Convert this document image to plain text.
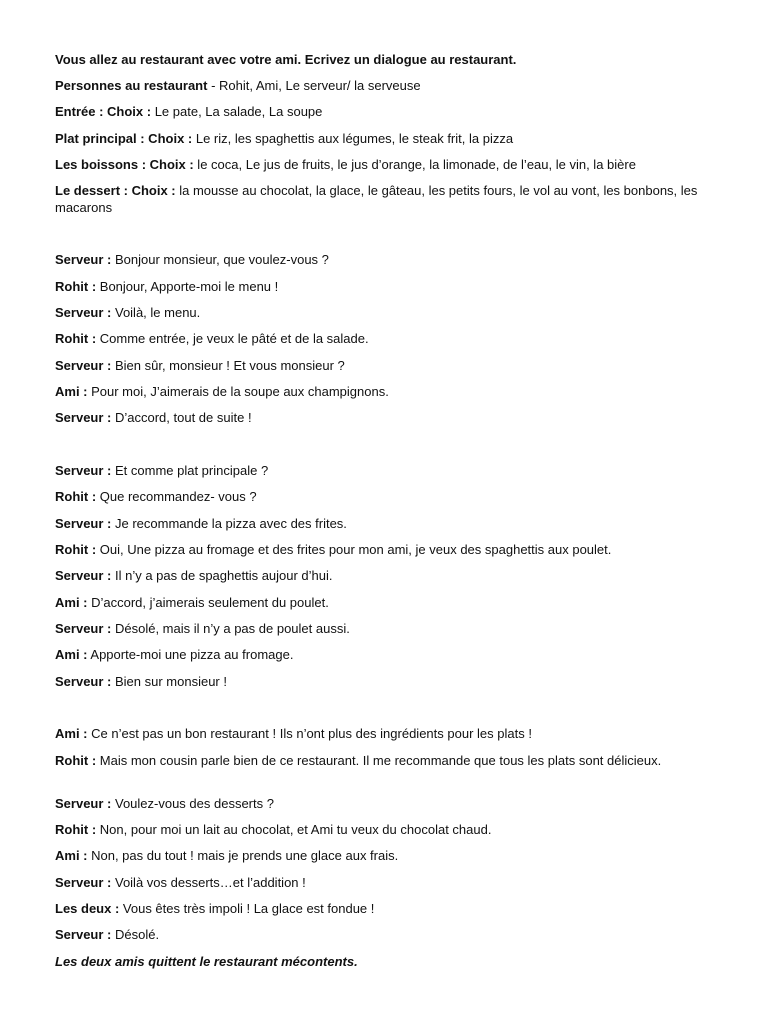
Vous allez au restaurant avec votre ami. Ecrivez un dialogue au restaurant.
Personnes au restaurant - Rohit, Ami, Le serveur/ la serveuse
Entrée : Choix : Le pate, La salade, La soupe
Plat principal : Choix : Le riz, les spaghettis aux légumes, le steak frit, la pizza
Les boissons : Choix : le coca, Le jus de fruits, le jus d’orange, la limonade, de l’eau, le vin, la bière
Le dessert : Choix : la mousse au chocolat, la glace, le gâteau, les petits fours, le vol au vont, les bonbons, les macarons
Serveur : Bonjour monsieur, que voulez-vous ?
Rohit : Bonjour, Apporte-moi le menu !
Serveur : Voilà, le menu.
Rohit : Comme entrée, je veux le pâté et de la salade.
Serveur : Bien sûr, monsieur ! Et vous monsieur ?
Ami : Pour moi, J’aimerais de la soupe aux champignons.
Serveur : D’accord, tout de suite !
Serveur : Et comme plat principale ?
Rohit : Que recommandez- vous ?
Serveur : Je recommande la pizza avec des frites.
Rohit : Oui, Une pizza au fromage et des frites pour mon ami, je veux des spaghettis aux poulet.
Serveur : Il n’y a pas de spaghettis aujour d’hui.
Ami : D’accord, j’aimerais seulement du poulet.
Serveur : Désolé, mais il n’y a pas de poulet aussi.
Ami : Apporte-moi une pizza au fromage.
Serveur : Bien sur monsieur !
Ami : Ce n’est pas un bon restaurant ! Ils n’ont plus des ingrédients pour les plats !
Rohit : Mais mon cousin parle bien de ce restaurant. Il me recommande que tous les plats sont délicieux.
Serveur : Voulez-vous des desserts ?
Rohit : Non, pour moi un lait au chocolat, et Ami tu veux du chocolat chaud.
Ami : Non, pas du tout ! mais je prends une glace aux frais.
Serveur : Voilà vos desserts…et l’addition !
Les deux : Vous êtes très impoli ! La glace est fondue !
Serveur : Désolé.
Les deux amis quittent le restaurant mécontents.
